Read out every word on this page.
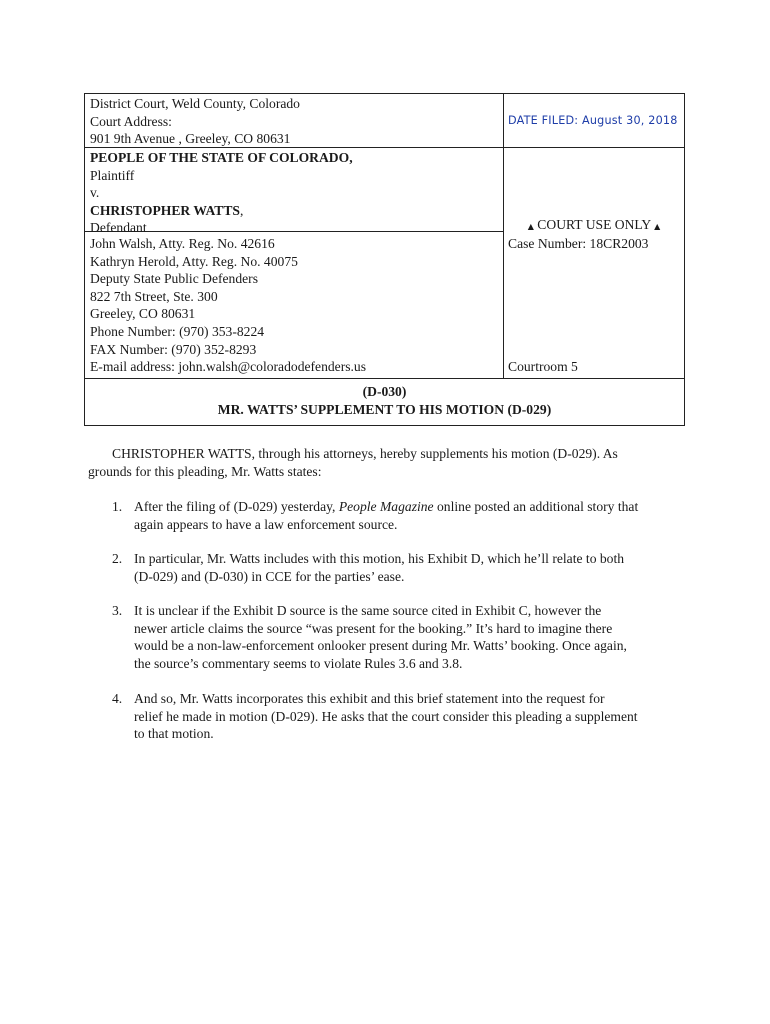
District Court, Weld County, Colorado
Court Address:
901 9th Avenue , Greeley, CO 80631
PEOPLE OF THE STATE OF COLORADO,
Plaintiff
v.
CHRISTOPHER WATTS,
Defendant
John Walsh, Atty. Reg. No. 42616
Kathryn Herold, Atty. Reg. No. 40075
Deputy State Public Defenders
822 7th Street, Ste. 300
Greeley, CO 80631
Phone Number: (970) 353-8224
FAX Number: (970) 352-8293
E-mail address: john.walsh@coloradodefenders.us
DATE FILED: August 30, 2018
▲ COURT USE ONLY ▲
Case Number: 18CR2003
Courtroom 5
(D-030)
MR. WATTS’ SUPPLEMENT TO HIS MOTION (D-029)

CHRISTOPHER WATTS, through his attorneys, hereby supplements his motion (D-029). As
grounds for this pleading, Mr. Watts states:

1. After the filing of (D-029) yesterday, People Magazine online posted an additional story that
again appears to have a law enforcement source.
2. In particular, Mr. Watts includes with this motion, his Exhibit D, which he’ll relate to both
(D-029) and (D-030) in CCE for the parties’ ease.
3. It is unclear if the Exhibit D source is the same source cited in Exhibit C, however the
newer article claims the source “was present for the booking.” It’s hard to imagine there
would be a non-law-enforcement onlooker present during Mr. Watts’ booking. Once again,
the source’s commentary seems to violate Rules 3.6 and 3.8.
4. And so, Mr. Watts incorporates this exhibit and this brief statement into the request for
relief he made in motion (D-029). He asks that the court consider this pleading a supplement
to that motion.
